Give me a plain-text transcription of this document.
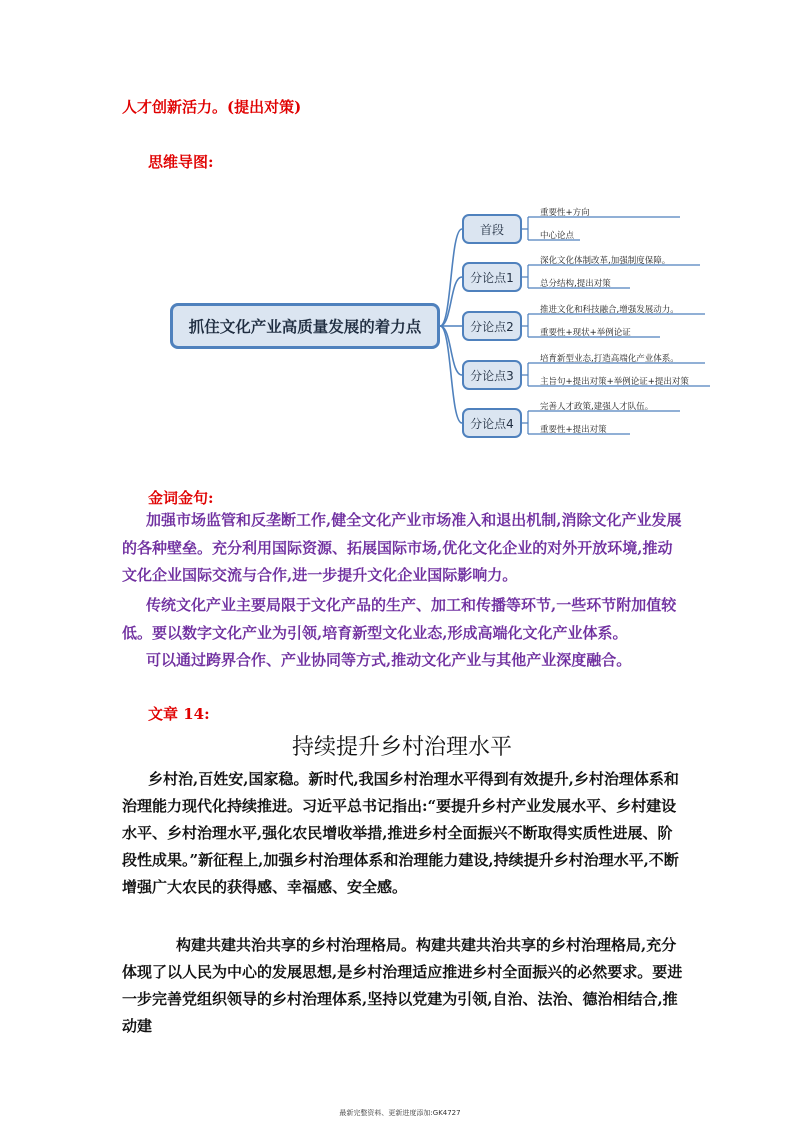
人才创新活力。(提出对策)
思维导图:
抓住文化产业高质量发展的着力点
首段
分论点1
分论点2
分论点3
分论点4
重要性+方向
中心论点
深化文化体制改革,加强制度保障。
总分结构,提出对策
推进文化和科技融合,增强发展动力。
重要性+现状+举例论证
培育新型业态,打造高端化产业体系。
主旨句+提出对策+举例论证+提出对策
完善人才政策,建强人才队伍。
重要性+提出对策
金词金句:

加强市场监管和反垄断工作,健全文化产业市场准入和退出机制,消除文化产业发展的各种壁垒。充分利用国际资源、拓展国际市场,优化文化企业的对外开放环境,推动文化企业国际交流与合作,进一步提升文化企业国际影响力。

传统文化产业主要局限于文化产品的生产、加工和传播等环节,一些环节附加值较低。要以数字文化产业为引领,培育新型文化业态,形成高端化文化产业体系。

可以通过跨界合作、产业协同等方式,推动文化产业与其他产业深度融合。

文章 14:
持续提升乡村治理水平

乡村治,百姓安,国家稳。新时代,我国乡村治理水平得到有效提升,乡村治理体系和治理能力现代化持续推进。习近平总书记指出:“要提升乡村产业发展水平、乡村建设水平、乡村治理水平,强化农民增收举措,推进乡村全面振兴不断取得实质性进展、阶段性成果。”新征程上,加强乡村治理体系和治理能力建设,持续提升乡村治理水平,不断增强广大农民的获得感、幸福感、安全感。

构建共建共治共享的乡村治理格局。构建共建共治共享的乡村治理格局,充分体现了以人民为中心的发展思想,是乡村治理适应推进乡村全面振兴的必然要求。要进一步完善党组织领导的乡村治理体系,坚持以党建为引领,自治、法治、德治相结合,推动建

最新完整资料、更新进度添加:GK4727
